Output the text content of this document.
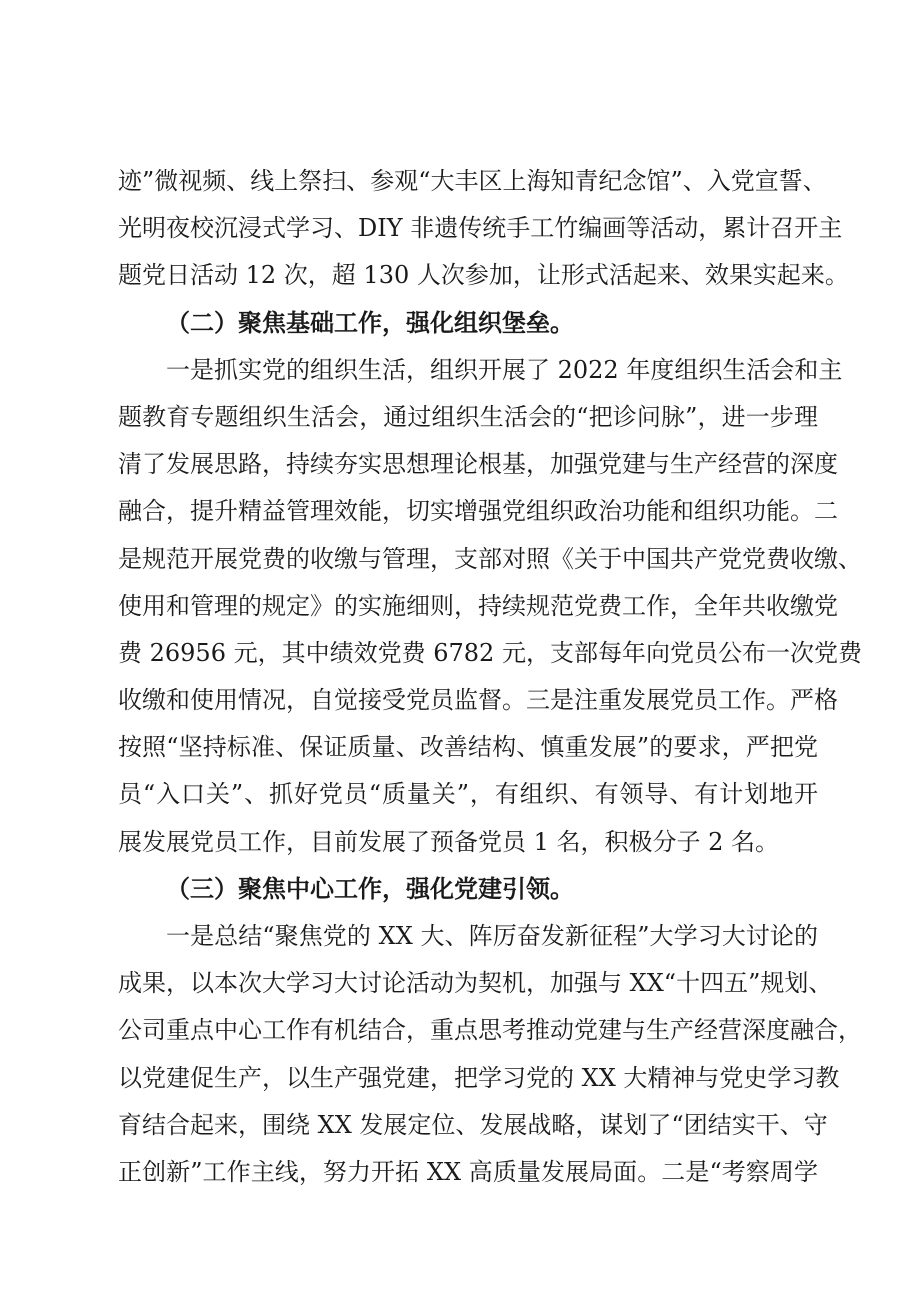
迹”微视频、线上祭扫、参观“大丰区上海知青纪念馆”、入党宣誓、
光明夜校沉浸式学习、DIY 非遗传统手工竹编画等活动，累计召开主
题党日活动 12 次，超 130 人次参加，让形式活起来、效果实起来。
（二）聚焦基础工作，强化组织堡垒。
一是抓实党的组织生活，组织开展了 2022 年度组织生活会和主
题教育专题组织生活会，通过组织生活会的“把诊问脉”，进一步理
清了发展思路，持续夯实思想理论根基，加强党建与生产经营的深度
融合，提升精益管理效能，切实增强党组织政治功能和组织功能。二
是规范开展党费的收缴与管理，支部对照《关于中国共产党党费收缴、
使用和管理的规定》的实施细则，持续规范党费工作，全年共收缴党
费 26956 元，其中绩效党费 6782 元，支部每年向党员公布一次党费
收缴和使用情况，自觉接受党员监督。三是注重发展党员工作。严格
按照“坚持标准、保证质量、改善结构、慎重发展”的要求，严把党
员“入口关”、抓好党员“质量关”，有组织、有领导、有计划地开
展发展党员工作，目前发展了预备党员 1 名，积极分子 2 名。
（三）聚焦中心工作，强化党建引领。
一是总结“聚焦党的 XX 大、阵厉奋发新征程”大学习大讨论的
成果，以本次大学习大讨论活动为契机，加强与 XX“十四五”规划、
公司重点中心工作有机结合，重点思考推动党建与生产经营深度融合，
以党建促生产，以生产强党建，把学习党的 XX 大精神与党史学习教
育结合起来，围绕 XX 发展定位、发展战略，谋划了“团结实干、守
正创新”工作主线，努力开拓 XX 高质量发展局面。二是“考察周学
